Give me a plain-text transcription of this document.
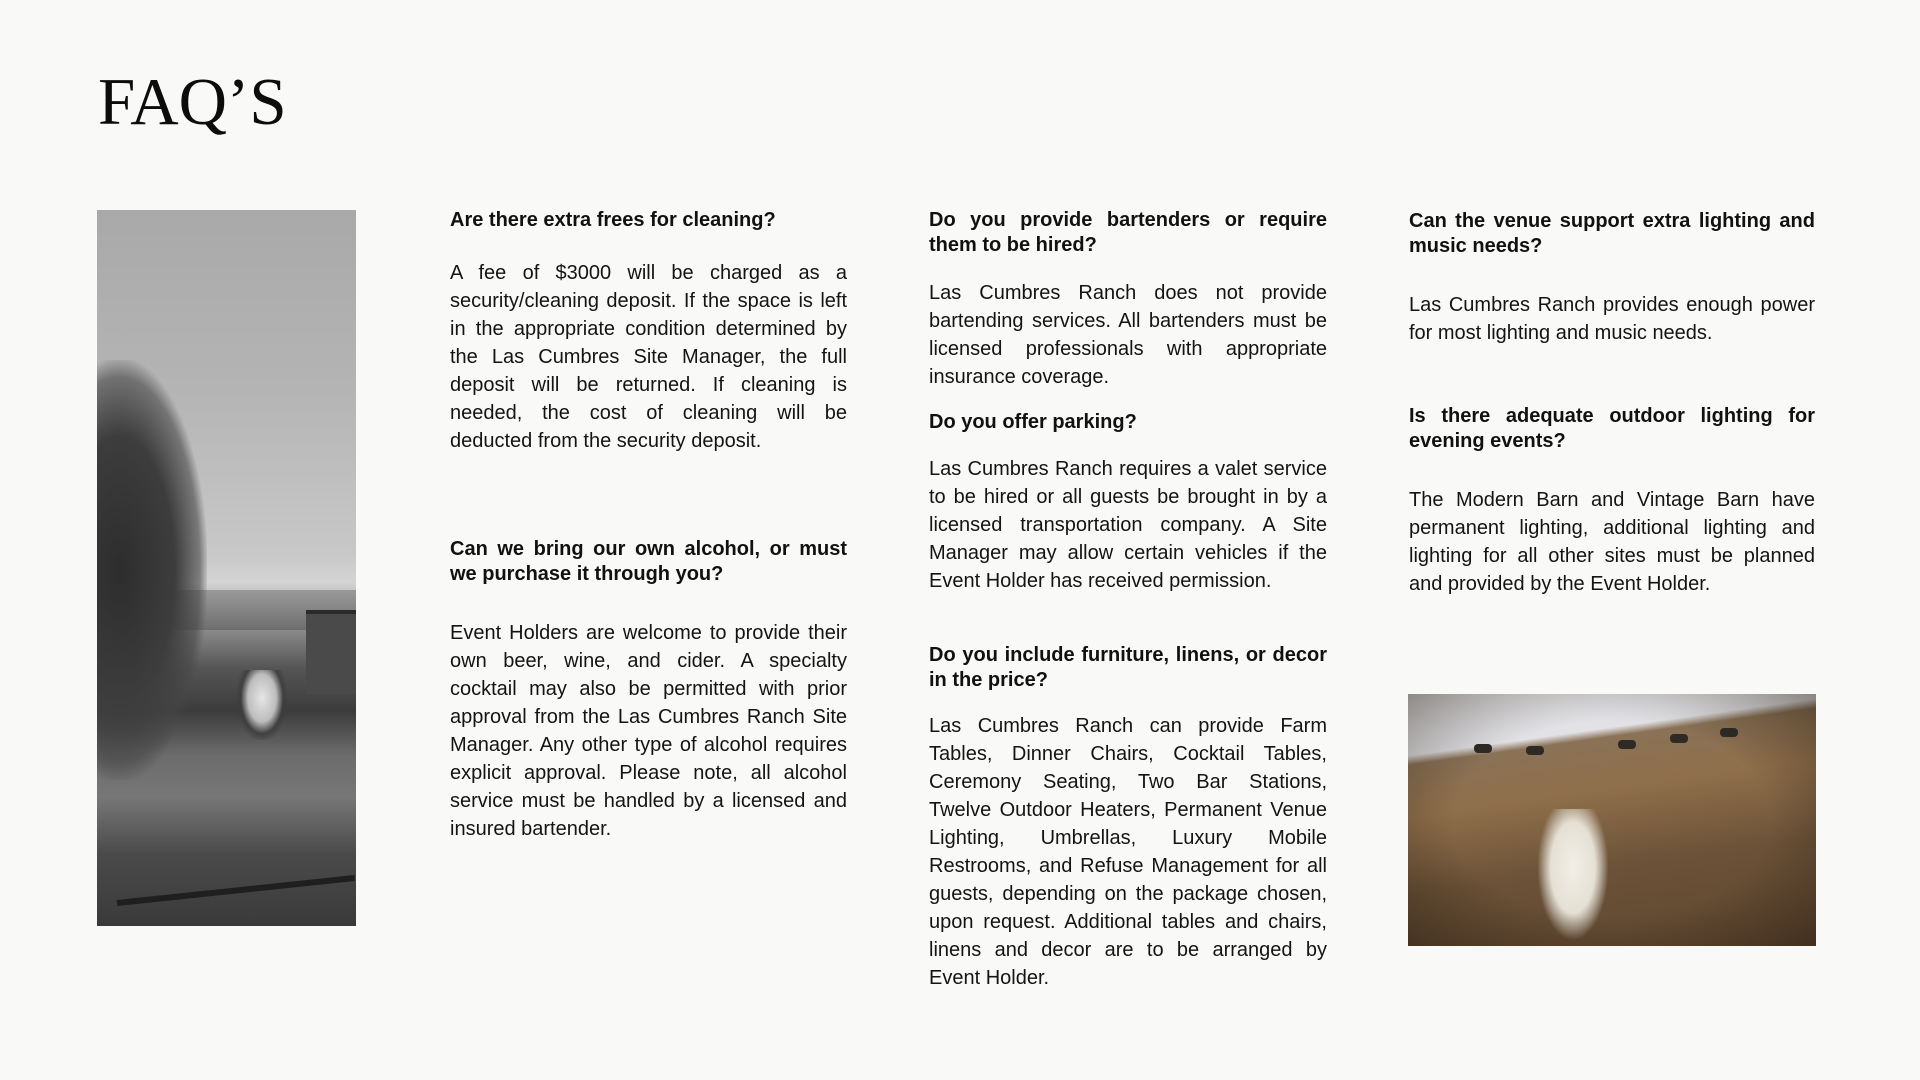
FAQ’S
Are there extra frees for cleaning?

A fee of $3000 will be charged as a security/cleaning deposit. If the space is left in the appropriate condition determined by the Las Cumbres Site Manager, the full deposit will be returned. If cleaning is needed, the cost of cleaning will be deducted from the security deposit.

Can we bring our own alcohol, or must we purchase it through you?

Event Holders are welcome to provide their own beer, wine, and cider. A specialty cocktail may also be permitted with prior approval from the Las Cumbres Ranch Site Manager. Any other type of alcohol requires explicit approval. Please note, all alcohol service must be handled by a licensed and insured bartender.

Do you provide bartenders or require them to be hired?

Las Cumbres Ranch does not provide bartending services. All bartenders must be licensed professionals with appropriate insurance coverage.

Do you offer parking?

Las Cumbres Ranch requires a valet service to be hired or all guests be brought in by a licensed transportation company. A Site Manager may allow certain vehicles if the Event Holder has received permission.

Do you include furniture, linens, or decor in the price?

Las Cumbres Ranch can provide Farm Tables, Dinner Chairs, Cocktail Tables, Ceremony Seating, Two Bar Stations, Twelve Outdoor Heaters, Permanent Venue Lighting, Umbrellas, Luxury Mobile Restrooms, and Refuse Management for all guests, depending on the package chosen, upon request. Additional tables and chairs, linens and decor are to be arranged by Event Holder.

Can the venue support extra lighting and music needs?

Las Cumbres Ranch provides enough power for most lighting and music needs.

Is there adequate outdoor lighting for evening events?

The Modern Barn and Vintage Barn have permanent lighting, additional lighting and lighting for all other sites must be planned and provided by the Event Holder.
